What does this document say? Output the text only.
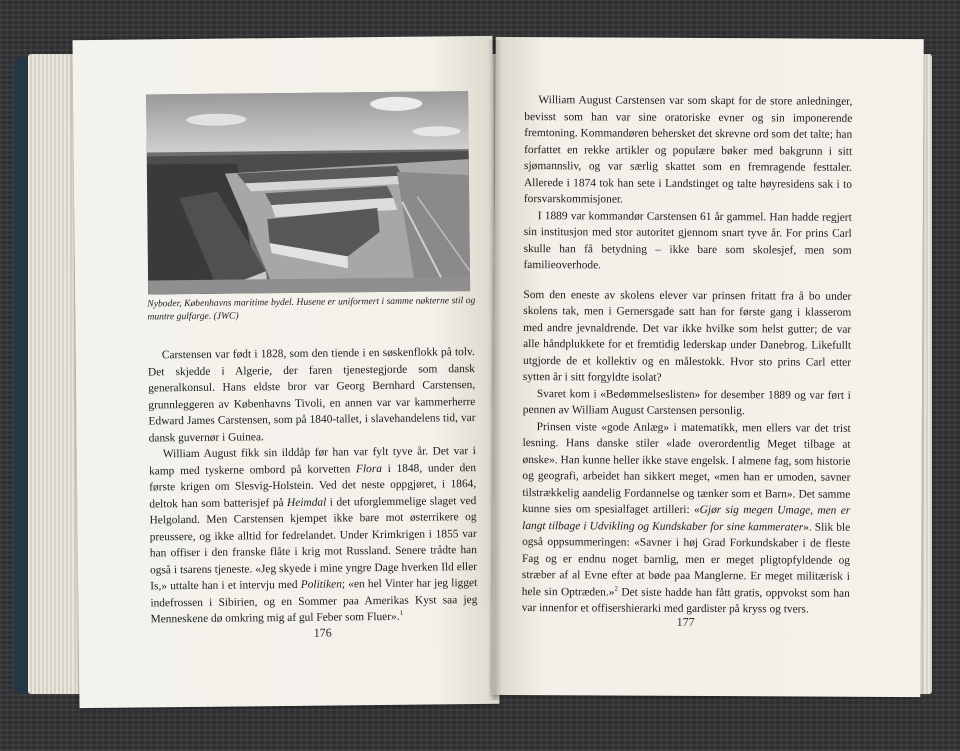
Nyboder, Københavns maritime bydel. Husene er uniformert i samme nøkterne stil og muntre gulfarge. (JWC)

Carstensen var født i 1828, som den tiende i en søskenflokk på tolv. Det skjedde i Algerie, der faren tjenestegjorde som dansk generalkonsul. Hans eldste bror var Georg Bernhard Carstensen, grunnleggeren av Københavns Tivoli, en annen var var kammerherre Edward James Carstensen, som på 1840-tallet, i slavehandelens tid, var dansk guvernør i Guinea.

William August fikk sin ilddåp før han var fylt tyve år. Det var i kamp med tyskerne ombord på korvetten Flora i 1848, under den første krigen om Slesvig-Holstein. Ved det neste oppgjøret, i 1864, deltok han som batterisjef på Heimdal i det uforglemmelige slaget ved Helgoland. Men Carstensen kjempet ikke bare mot østerrikere og preussere, og ikke alltid for fedrelandet. Under Krimkrigen i 1855 var han offiser i den franske flåte i krig mot Russland. Senere trådte han også i tsarens tjeneste. «Jeg skyede i mine yngre Dage hverken Ild eller Is,» uttalte han i et intervju med Politiken; «en hel Vinter har jeg ligget indefrossen i Sibirien, og en Sommer paa Amerikas Kyst saa jeg Menneskene dø omkring mig af gul Feber som Fluer».$^1$

176

William August Carstensen var som skapt for de store anledninger, bevisst som han var sine oratoriske evner og sin imponerende fremtoning. Kommandøren behersket det skrevne ord som det talte; han forfattet en rekke artikler og populære bøker med bakgrunn i sitt sjømannsliv, og var særlig skattet som en fremragende festtaler. Allerede i 1874 tok han sete i Landstinget og talte høyresidens sak i to forsvarskommisjoner.

I 1889 var kommandør Carstensen 61 år gammel. Han hadde regjert sin institusjon med stor autoritet gjennom snart tyve år. For prins Carl skulle han få betydning – ikke bare som skolesjef, men som familieoverhode.

Som den eneste av skolens elever var prinsen fritatt fra å bo under skolens tak, men i Gernersgade satt han for første gang i klasserom med andre jevnaldrende. Det var ikke hvilke som helst gutter; de var alle håndplukkete for et fremtidig lederskap under Danebrog. Likefullt utgjorde de et kollektiv og en målestokk. Hvor sto prins Carl etter sytten år i sitt forgyldte isolat?

Svaret kom i «Bedømmelseslisten» for desember 1889 og var ført i pennen av William August Carstensen personlig.

Prinsen viste «gode Anlæg» i matematikk, men ellers var det trist lesning. Hans danske stiler «lade overordentlig Meget tilbage at ønske». Han kunne heller ikke stave engelsk. I almene fag, som historie og geografi, arbeidet han sikkert meget, «men han er umoden, savner tilstrækkelig aandelig Fordannelse og tænker som et Barn». Det samme kunne sies om spesialfaget artilleri: «Gjør sig megen Umage, men er langt tilbage i Udvikling og Kundskaber for sine kammerater». Slik ble også oppsummeringen: «Savner i høj Grad Forkundskaber i de fleste Fag og er endnu noget barnlig, men er meget pligtopfyldende og stræber af al Evne efter at bøde paa Manglerne. Er meget militærisk i hele sin Optræden.»$^2$ Det siste hadde han fått gratis, oppvokst som han var innenfor et offisershierarki med gardister på kryss og tvers.

177
